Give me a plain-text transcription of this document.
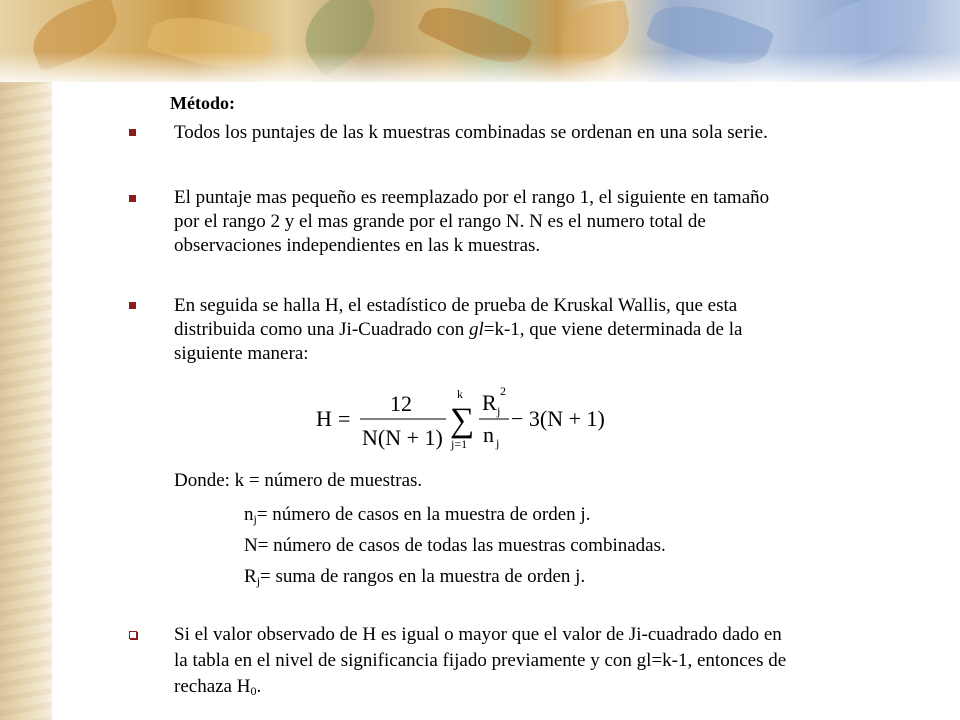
Método:
Todos los puntajes de las k muestras combinadas se ordenan en una sola serie.
El puntaje mas pequeño es reemplazado por el rango 1, el siguiente en tamaño
por el rango 2 y el mas grande por el rango N. N es el numero total de
observaciones independientes en las k muestras.
En seguida se halla H, el estadístico de prueba de Kruskal Wallis, que esta
distribuida como una Ji-Cuadrado con gl=k-1, que viene determinada de la
siguiente manera:
H =
12
N(N + 1)
k
∑
j=1
R j
2
n j
− 3(N + 1)
Donde: k = número de muestras.
$n_j=$ número de casos en la muestra de orden j.
N= número de casos de todas las muestras combinadas.
$R_j=$ suma de rangos en la muestra de orden j.
Si el valor observado de H es igual o mayor que el valor de Ji-cuadrado dado en
la tabla en el nivel de significancia fijado previamente y con gl=k-1, entonces de
rechaza $H_0$.
